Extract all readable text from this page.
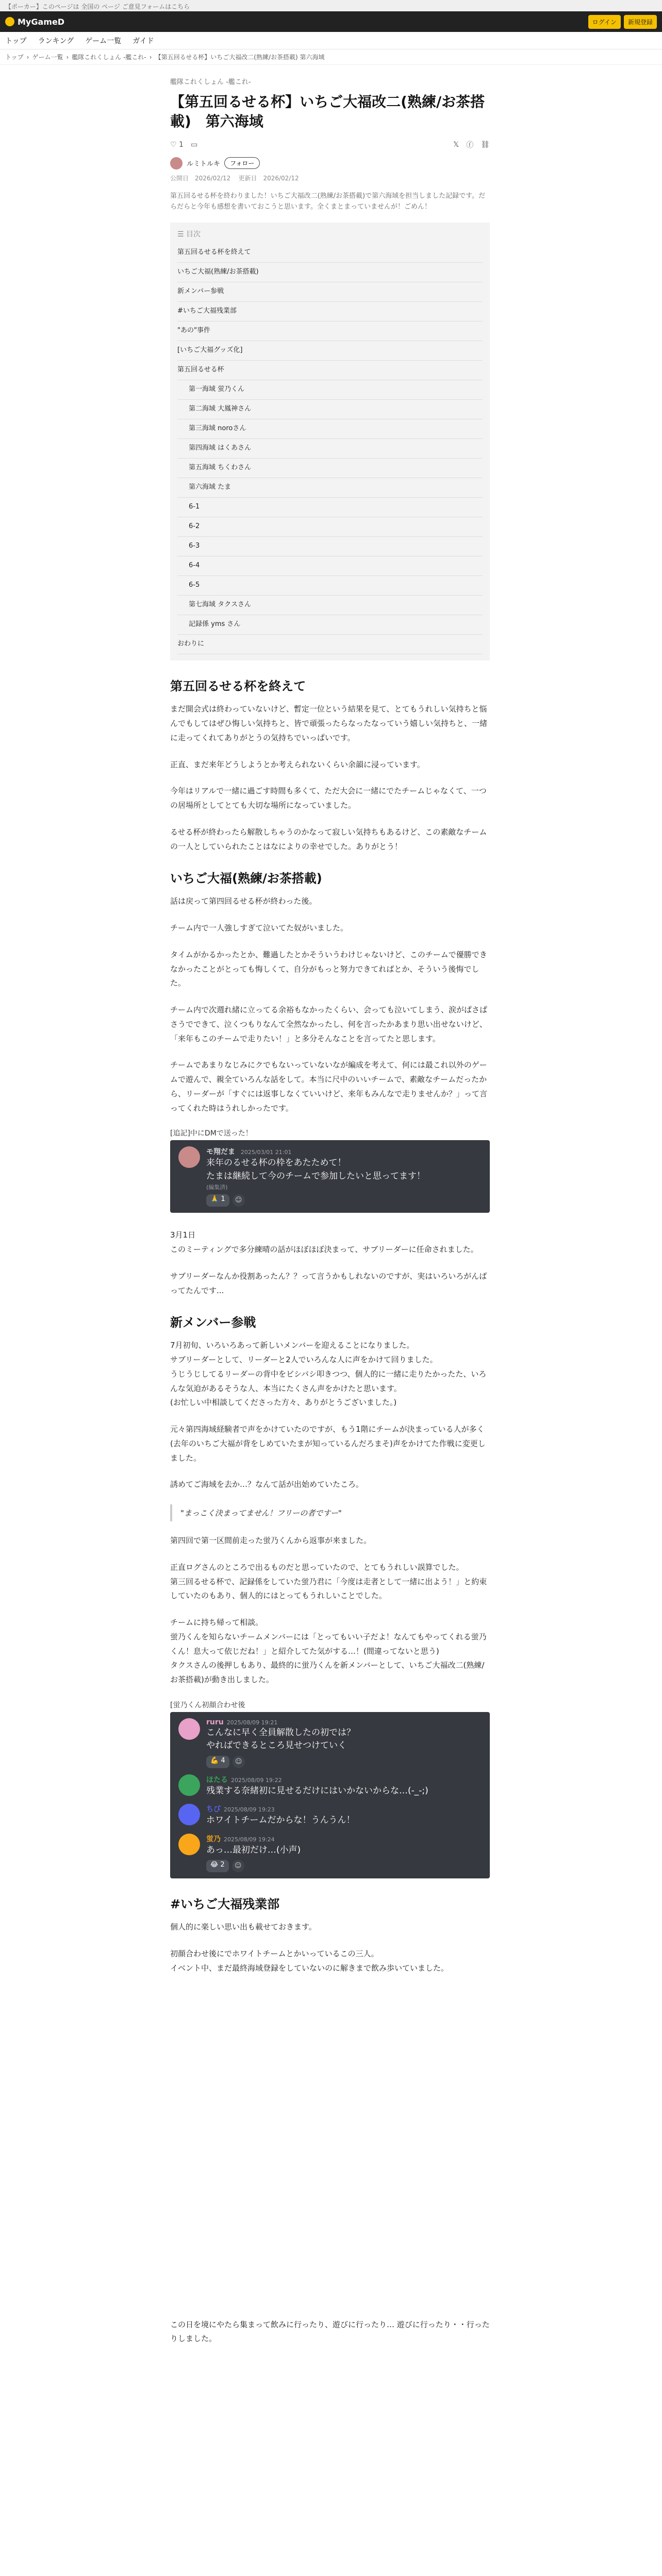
【ポーカー】このページは 全国の ページ ご意見フォームはこちら
MyGameD	ログイン	新規登録
トップ ランキング ゲーム一覧 ガイド
トップ › ゲーム一覧 › 艦隊これくしょん -艦これ- › 【第五回るせる杯】いちご大福改二(熟練/お茶搭載) 第六海域
艦隊これくしょん -艦これ-
【第五回るせる杯】いちご大福改二(熟練/お茶搭載)　第六海域
♡ 1 ▭	𝕏 ⓕ ⛓
ルミトルキ	フォロー
公開日　2026/02/12 更新日　2026/02/12

第五回るせる杯を終わりました！いちご大福改二(熟練/お茶搭載)で第六海域を担当しました記録です。だらだらと今年も感想を書いておこうと思います。全くまとまっていませんが！ごめん！

☰ 目次
第五回るせる杯を終えて
いちご大福(熟練/お茶搭載)
新メンバー参戦
#いちご大福残業部
"あの"事件
[いちご大福グッズ化]
第五回るせる杯
第一海域 蛍乃くん
第二海域 大鳳神さん
第三海域 noroさん
第四海域 はくあさん
第五海域 ちくわさん
第六海域 たま
6-1
6-2
6-3
6-4
6-5
第七海域 タクスさん
記録係 yms さん
おわりに
第五回るせる杯を終えて

まだ開会式は終わっていないけど、暫定一位という結果を見て、とてもうれしい気持ちと悩んでもしてはぜひ悔しい気持ちと、皆で頑張ったらなったなっていう嬉しい気持ちと、一緒に走ってくれてありがとうの気持ちでいっぱいです。

正直、まだ来年どうしようとか考えられないくらい余韻に浸っています。

今年はリアルで一緒に過ごす時間も多くて、ただ大会に一緒にでたチームじゃなくて、一つの居場所としてとても大切な場所になっていました。

るせる杯が終わったら解散しちゃうのかなって寂しい気持ちもあるけど、この素敵なチームの一人としていられたことはなによりの幸せでした。ありがとう！

いちご大福(熟練/お茶搭載)

話は戻って第四回るせる杯が終わった後。

チーム内で一人強しすぎて泣いてた奴がいました。

タイムがかるかったとか、難過したとかそういうわけじゃないけど、このチームで優勝できなかったことがとっても悔しくて、自分がもっと努力できてればとか、そういう後悔でした。

チーム内で次週れ緒に立ってる余裕もなかったくらい、会っても泣いてしまう、涙がぱさぱさうでできて、泣くつもりなんて全然なかったし、何を言ったかあまり思い出せないけど、「来年もこのチームで走りたい！」と多分そんなことを言ってたと思します。

チームであまりなじみにクでもないっていないなが編成を考えて、何には最これ以外のゲームで遊んで、親全ていろんな話をして。本当に尺中のいいチームで、素敵なチームだったから、リーダーが「すぐには返事しなくていいけど、来年もみんなで走りませんか？」って言ってくれた時はうれしかったです。

[追記]中にDMで送った！
モ翔だま 2025/03/01 21:01
来年のるせる杯の枠をあたためて！
たまは継続して今のチームで参加したいと思ってます！
(編集済)
🙏 1	☺

3月1日
このミーティングで多分練晴の話がほぼほぼ決まって、サブリーダーに任命されました。

サブリーダーなんか役割あったん？？って言うかもしれないのですが、実はいろいろがんばってたんです...

新メンバー参戦

7月初旬、いろいろあって新しいメンバーを迎えることになりました。
サブリーダーとして、リーダーと2人でいろんな人に声をかけて回りました。
うじうじしてるリーダーの背中をビシバシ叩きつつ、個人的に一緒に走りたかったた、いろんな気迫があるそうな人、本当にたくさん声をかけたと思います。
(お忙しい中相談してくださった方々、ありがとうございました。)

元々第四海域経験者で声をかけていたのですが、もう1階にチームが決まっている人が多く(去年のいちご大福が背をしめていたまが知っているんだろまそ)声をかけてた作戦に変更しました。

誘めてご海域を去か…？なんて話が出始めていたころ。

"まっこく決まってません！フリーの者ですー"

第四回で第一区間前走った蛍乃くんから返事が来ました。

正直ログさんのところで出るものだと思っていたので、とてもうれしい誤算でした。
第三回るせる杯で、記録係をしていた蛍乃君に「今度は走者として一緒に出よう！」と約束していたのもあり、個人的にはとってもうれしいことでした。

チームに持ち帰って相談。
蛍乃くんを知らないチームメンバーには「とってもいい子だよ！なんてもやってくれる蛍乃くん！息大って依じだね！」と紹介してた気がする…！(間違ってないと思う)
タクスさんの後押しもあり、最終的に蛍乃くんを新メンバーとして、いちご大福改二(熟練/お茶搭載)が動き出しました。

[蛍乃くん初顔合わせ後
ruru 2025/08/09 19:21
こんなに早く全員解散したの初では？
やればできるところ見せつけていく
💪 4	☺
ほたる 2025/08/09 19:22
残業する奈緒初に見せるだけにはいかないからな…(-_-;)
ちび 2025/08/09 19:23
ホワイトチームだからな！うんうん！
蛍乃 2025/08/09 19:24
あっ…最初だけ…(小声)
😂 2	☺
#いちご大福残業部

個人的に楽しい思い出も載せておきます。

初顔合わせ後にでホワイトチームとかいっているこの三人。
イベント中、まだ最終海域登録をしていないのに解きまで飲み歩いていました。

この日を境にやたら集まって飲みに行ったり、遊びに行ったり… 遊びに行ったり・・行ったりしました。
